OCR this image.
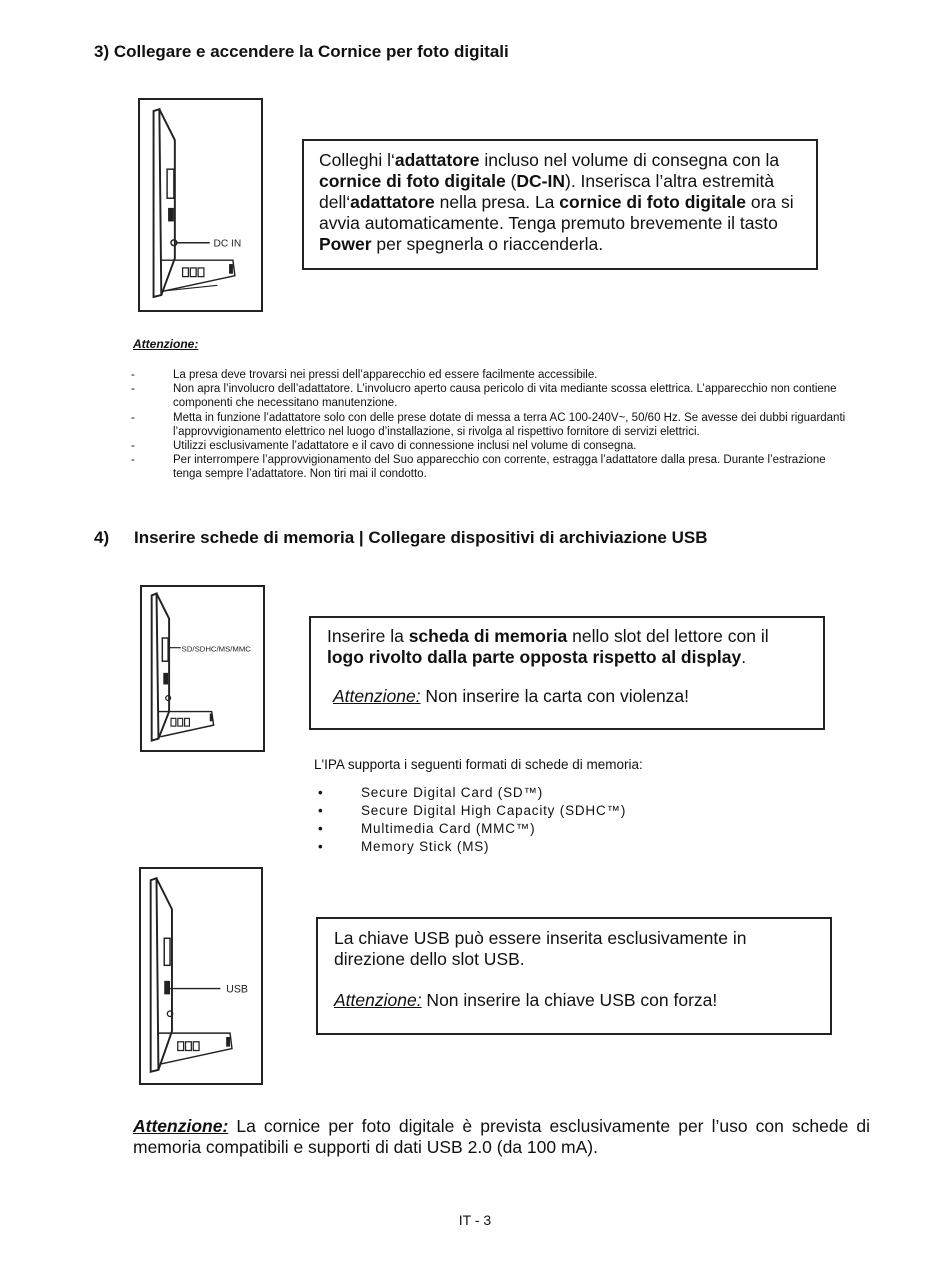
3) Collegare e accendere la Cornice per foto digitali
DC IN
Colleghi l‘adattatore incluso nel volume di consegna con la cornice di foto digitale (DC-IN). Inserisca l’altra estremità dell‘adattatore nella presa. La cornice di foto digitale ora si avvia automaticamente. Tenga premuto brevemente il tasto Power per spegnerla o riaccenderla.
Attenzione:
-	La presa deve trovarsi nei pressi dell’apparecchio ed essere facilmente accessibile.
-	Non apra l’involucro dell’adattatore. L’involucro aperto causa pericolo di vita mediante scossa elettrica. L’apparecchio non contiene componenti che necessitano manutenzione.
-	Metta in funzione l’adattatore solo con delle prese dotate di messa a terra AC 100-240V~, 50/60 Hz. Se avesse dei dubbi riguardanti l’approvvigionamento elettrico nel luogo d’installazione, si rivolga al rispettivo fornitore di servizi elettrici.
-	Utilizzi esclusivamente l’adattatore e il cavo di connessione inclusi nel volume di consegna.
-	Per interrompere l’approvvigionamento del Suo apparecchio con corrente, estragga l’adattatore dalla presa. Durante l’estrazione tenga sempre l’adattatore. Non tiri mai il condotto.
4) Inserire schede di memoria | Collegare dispositivi di archiviazione USB
SD/SDHC/MS/MMC
Inserire la scheda di memoria nello slot del lettore con il logo rivolto dalla parte opposta rispetto al display.
Attenzione: Non inserire la carta con violenza!
L'IPA supporta i seguenti formati di schede di memoria:
•	Secure Digital Card (SD™)
•	Secure Digital High Capacity (SDHC™)
•	Multimedia Card (MMC™)
•	Memory Stick (MS)
USB
La chiave USB può essere inserita esclusivamente in direzione dello slot USB.
Attenzione: Non inserire la chiave USB con forza!
Attenzione: La cornice per foto digitale è prevista esclusivamente per l’uso con schede di memoria compatibili e supporti di dati USB 2.0 (da 100 mA).
IT - 3
